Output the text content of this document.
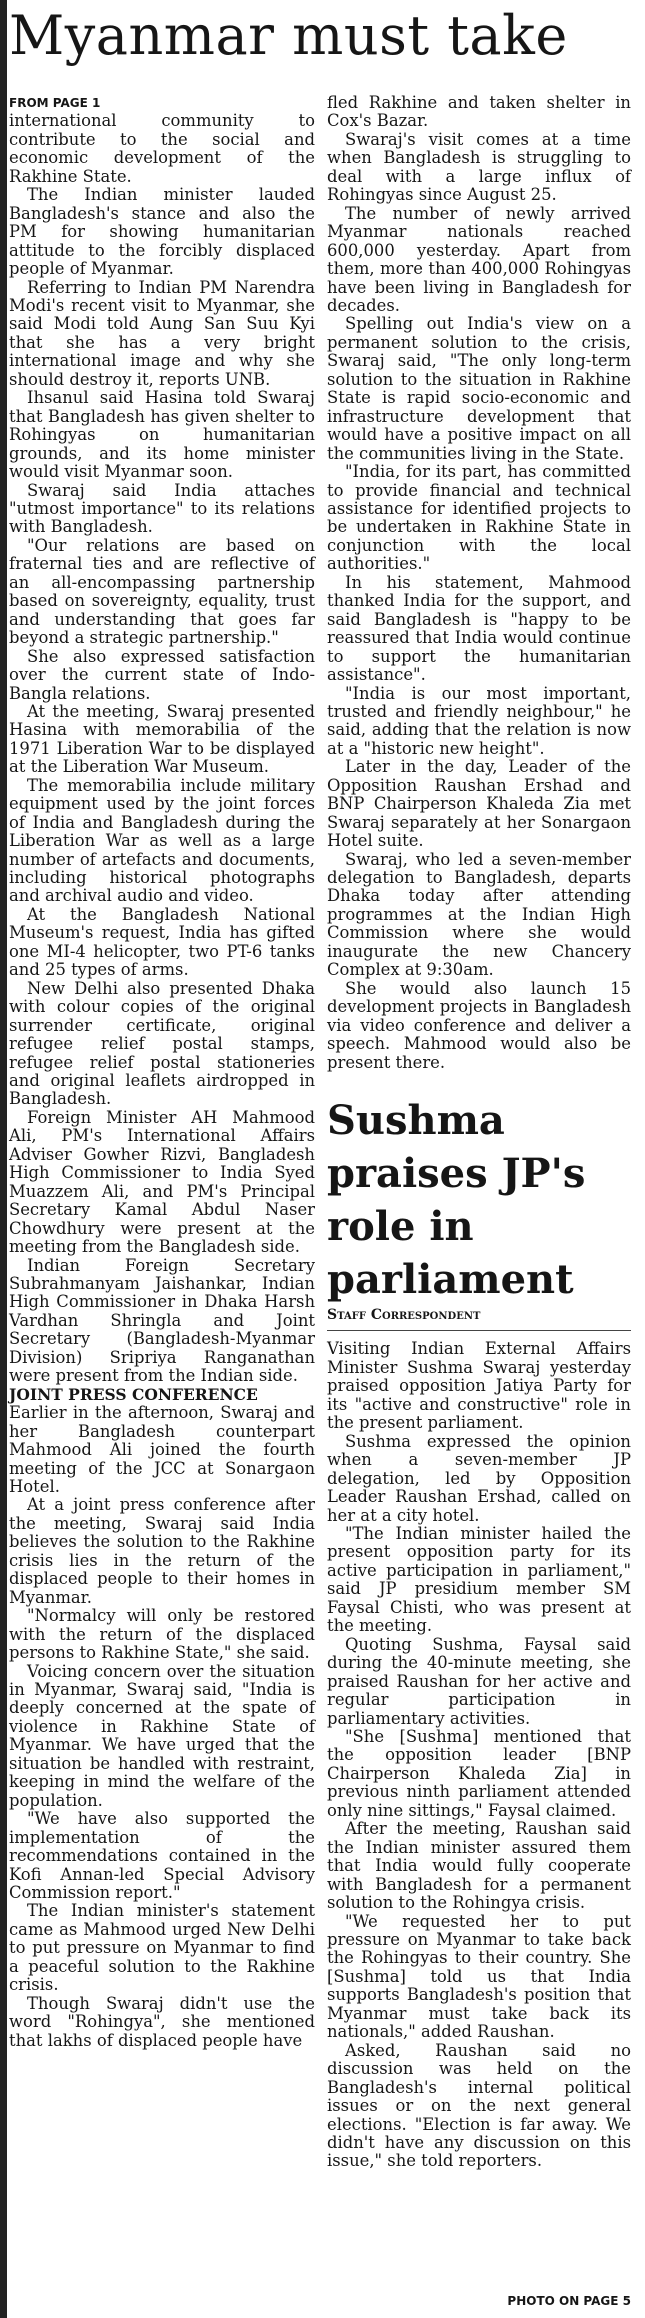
Myanmar must take
FROM PAGE 1

international community to contribute to the social and economic development of the Rakhine State.

The Indian minister lauded Bangladesh's stance and also the PM for showing humanitarian attitude to the forcibly displaced people of Myanmar.

Referring to Indian PM Narendra Modi's recent visit to Myanmar, she said Modi told Aung San Suu Kyi that she has a very bright international image and why she should destroy it, reports UNB.

Ihsanul said Hasina told Swaraj that Bangladesh has given shelter to Rohingyas on humanitarian grounds, and its home minister would visit Myanmar soon.

Swaraj said India attaches "utmost importance" to its relations with Bangladesh.

"Our relations are based on fraternal ties and are reflective of an all-encompassing partnership based on sovereignty, equality, trust and understanding that goes far beyond a strategic partnership."

She also expressed satisfaction over the current state of Indo-Bangla relations.

At the meeting, Swaraj presented Hasina with memorabilia of the 1971 Liberation War to be displayed at the Liberation War Museum.

The memorabilia include military equipment used by the joint forces of India and Bangladesh during the Liberation War as well as a large number of artefacts and documents, including historical photographs and archival audio and video.

At the Bangladesh National Museum's request, India has gifted one MI-4 helicopter, two PT-6 tanks and 25 types of arms.

New Delhi also presented Dhaka with colour copies of the original surrender certificate, original refugee relief postal stamps, refugee relief postal stationeries and original leaflets airdropped in Bangladesh.

Foreign Minister AH Mahmood Ali, PM's International Affairs Adviser Gowher Rizvi, Bangladesh High Commissioner to India Syed Muazzem Ali, and PM's Principal Secretary Kamal Abdul Naser Chowdhury were present at the meeting from the Bangladesh side.

Indian Foreign Secretary Subrahmanyam Jaishankar, Indian High Commissioner in Dhaka Harsh Vardhan Shringla and Joint Secretary (Bangladesh-Myanmar Division) Sripriya Ranganathan were present from the Indian side.

JOINT PRESS CONFERENCE

Earlier in the afternoon, Swaraj and her Bangladesh counterpart Mahmood Ali joined the fourth meeting of the JCC at Sonargaon Hotel.

At a joint press conference after the meeting, Swaraj said India believes the solution to the Rakhine crisis lies in the return of the displaced people to their homes in Myanmar.

"Normalcy will only be restored with the return of the displaced persons to Rakhine State," she said.

Voicing concern over the situation in Myanmar, Swaraj said, "India is deeply concerned at the spate of violence in Rakhine State of Myanmar. We have urged that the situation be handled with restraint, keeping in mind the welfare of the population.

"We have also supported the implementation of the recommendations contained in the Kofi Annan-led Special Advisory Commission report."

The Indian minister's statement came as Mahmood urged New Delhi to put pressure on Myanmar to find a peaceful solution to the Rakhine crisis.

Though Swaraj didn't use the word "Rohingya", she mentioned that lakhs of displaced people have

fled Rakhine and taken shelter in Cox's Bazar.

Swaraj's visit comes at a time when Bangladesh is struggling to deal with a large influx of Rohingyas since August 25.

The number of newly arrived Myanmar nationals reached 600,000 yesterday. Apart from them, more than 400,000 Rohingyas have been living in Bangladesh for decades.

Spelling out India's view on a permanent solution to the crisis, Swaraj said, "The only long-term solution to the situation in Rakhine State is rapid socio-economic and infrastructure development that would have a positive impact on all the communities living in the State.

"India, for its part, has committed to provide financial and technical assistance for identified projects to be undertaken in Rakhine State in conjunction with the local authorities."

In his statement, Mahmood thanked India for the support, and said Bangladesh is "happy to be reassured that India would continue to support the humanitarian assistance".

"India is our most important, trusted and friendly neighbour," he said, adding that the relation is now at a "historic new height".

Later in the day, Leader of the Opposition Raushan Ershad and BNP Chairperson Khaleda Zia met Swaraj separately at her Sonargaon Hotel suite.

Swaraj, who led a seven-member delegation to Bangladesh, departs Dhaka today after attending programmes at the Indian High Commission where she would inaugurate the new Chancery Complex at 9:30am.

She would also launch 15 development projects in Bangladesh via video conference and deliver a speech. Mahmood would also be present there.

Sushma praises JP's role in parliament
Staff Correspondent

Visiting Indian External Affairs Minister Sushma Swaraj yesterday praised opposition Jatiya Party for its "active and constructive" role in the present parliament.

Sushma expressed the opinion when a seven-member JP delegation, led by Opposition Leader Raushan Ershad, called on her at a city hotel.

"The Indian minister hailed the present opposition party for its active participation in parliament," said JP presidium member SM Faysal Chisti, who was present at the meeting.

Quoting Sushma, Faysal said during the 40-minute meeting, she praised Raushan for her active and regular participation in parliamentary activities.

"She [Sushma] mentioned that the opposition leader [BNP Chairperson Khaleda Zia] in previous ninth parliament attended only nine sittings," Faysal claimed.

After the meeting, Raushan said the Indian minister assured them that India would fully cooperate with Bangladesh for a permanent solution to the Rohingya crisis.

"We requested her to put pressure on Myanmar to take back the Rohingyas to their country. She [Sushma] told us that India supports Bangladesh's position that Myanmar must take back its nationals," added Raushan.

Asked, Raushan said no discussion was held on the Bangladesh's internal political issues or on the next general elections. "Election is far away. We didn't have any discussion on this issue," she told reporters.

PHOTO ON PAGE 5
